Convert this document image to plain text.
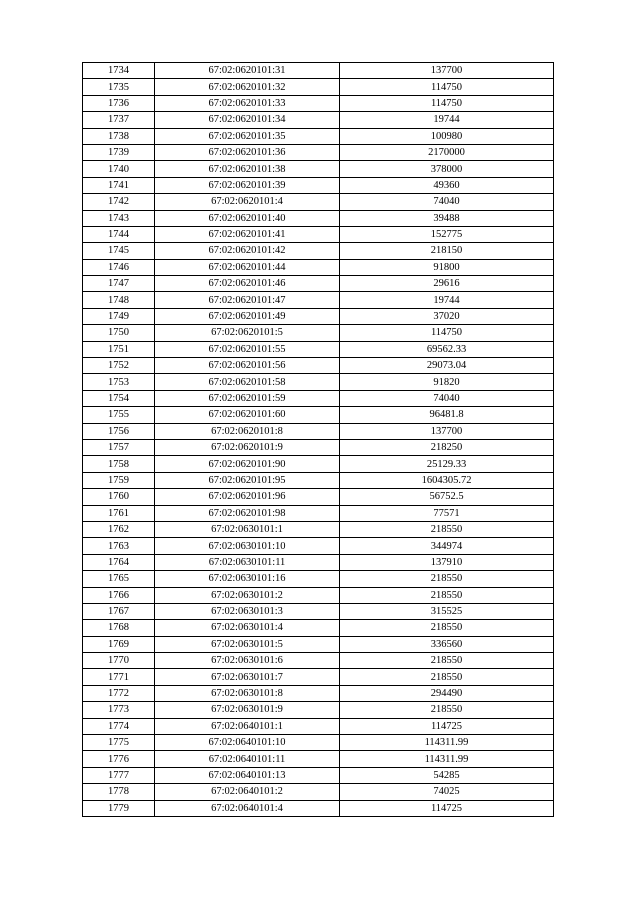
1734	67:02:0620101:31	137700
1735	67:02:0620101:32	114750
1736	67:02:0620101:33	114750
1737	67:02:0620101:34	19744
1738	67:02:0620101:35	100980
1739	67:02:0620101:36	2170000
1740	67:02:0620101:38	378000
1741	67:02:0620101:39	49360
1742	67:02:0620101:4	74040
1743	67:02:0620101:40	39488
1744	67:02:0620101:41	152775
1745	67:02:0620101:42	218150
1746	67:02:0620101:44	91800
1747	67:02:0620101:46	29616
1748	67:02:0620101:47	19744
1749	67:02:0620101:49	37020
1750	67:02:0620101:5	114750
1751	67:02:0620101:55	69562.33
1752	67:02:0620101:56	29073.04
1753	67:02:0620101:58	91820
1754	67:02:0620101:59	74040
1755	67:02:0620101:60	96481.8
1756	67:02:0620101:8	137700
1757	67:02:0620101:9	218250
1758	67:02:0620101:90	25129.33
1759	67:02:0620101:95	1604305.72
1760	67:02:0620101:96	56752.5
1761	67:02:0620101:98	77571
1762	67:02:0630101:1	218550
1763	67:02:0630101:10	344974
1764	67:02:0630101:11	137910
1765	67:02:0630101:16	218550
1766	67:02:0630101:2	218550
1767	67:02:0630101:3	315525
1768	67:02:0630101:4	218550
1769	67:02:0630101:5	336560
1770	67:02:0630101:6	218550
1771	67:02:0630101:7	218550
1772	67:02:0630101:8	294490
1773	67:02:0630101:9	218550
1774	67:02:0640101:1	114725
1775	67:02:0640101:10	114311.99
1776	67:02:0640101:11	114311.99
1777	67:02:0640101:13	54285
1778	67:02:0640101:2	74025
1779	67:02:0640101:4	114725
